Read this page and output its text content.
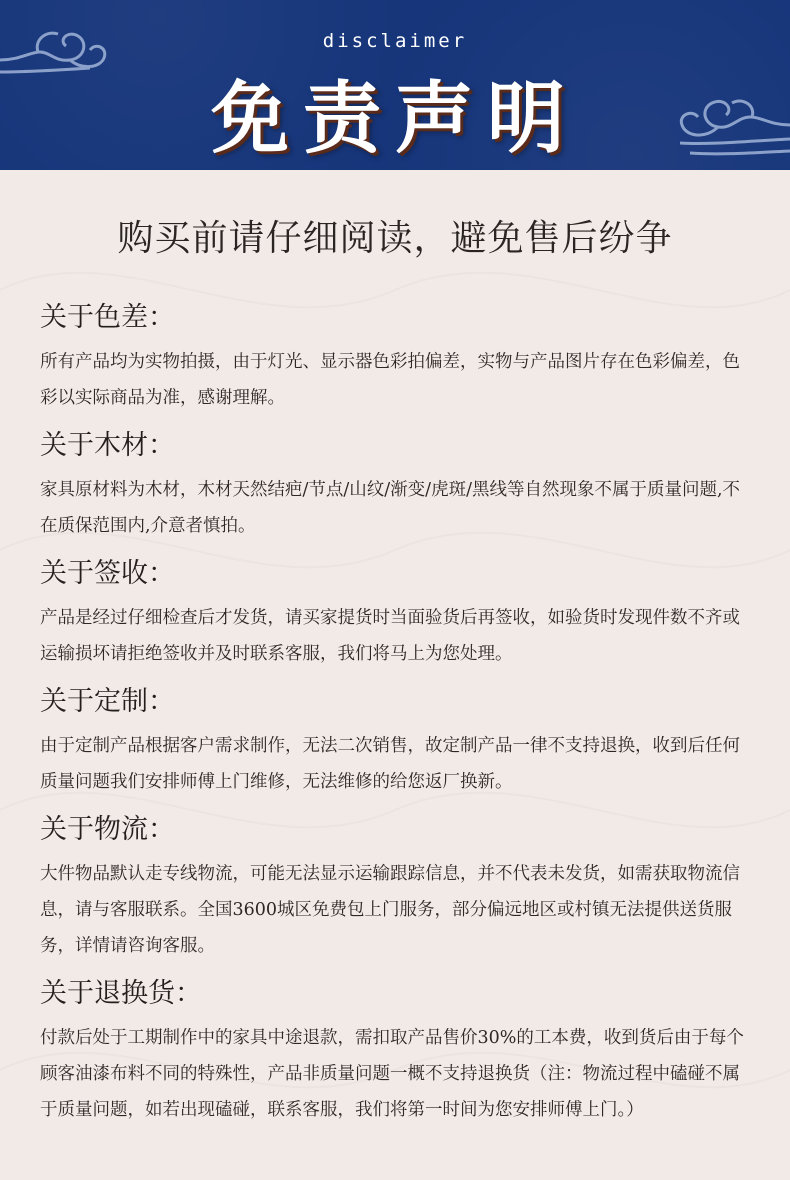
disclaimer
免责声明
购买前请仔细阅读，避免售后纷争
关于色差：
所有产品均为实物拍摄，由于灯光、显示器色彩拍偏差，实物与产品图片存在色彩偏差，色彩以实际商品为准，感谢理解。
关于木材：
家具原材料为木材，木材天然结疤/节点/山纹/渐变/虎斑/黑线等自然现象不属于质量问题,不在质保范围内,介意者慎拍。
关于签收：
产品是经过仔细检查后才发货，请买家提货时当面验货后再签收，如验货时发现件数不齐或运输损坏请拒绝签收并及时联系客服，我们将马上为您处理。
关于定制：
由于定制产品根据客户需求制作，无法二次销售，故定制产品一律不支持退换，收到后任何质量问题我们安排师傅上门维修，无法维修的给您返厂换新。
关于物流：
大件物品默认走专线物流，可能无法显示运输跟踪信息，并不代表未发货，如需获取物流信息，请与客服联系。全国3600城区免费包上门服务，部分偏远地区或村镇无法提供送货服务，详情请咨询客服。
关于退换货：
付款后处于工期制作中的家具中途退款，需扣取产品售价30%的工本费，收到货后由于每个顾客油漆布料不同的特殊性，产品非质量问题一概不支持退换货（注：物流过程中磕碰不属于质量问题，如若出现磕碰，联系客服，我们将第一时间为您安排师傅上门。）
